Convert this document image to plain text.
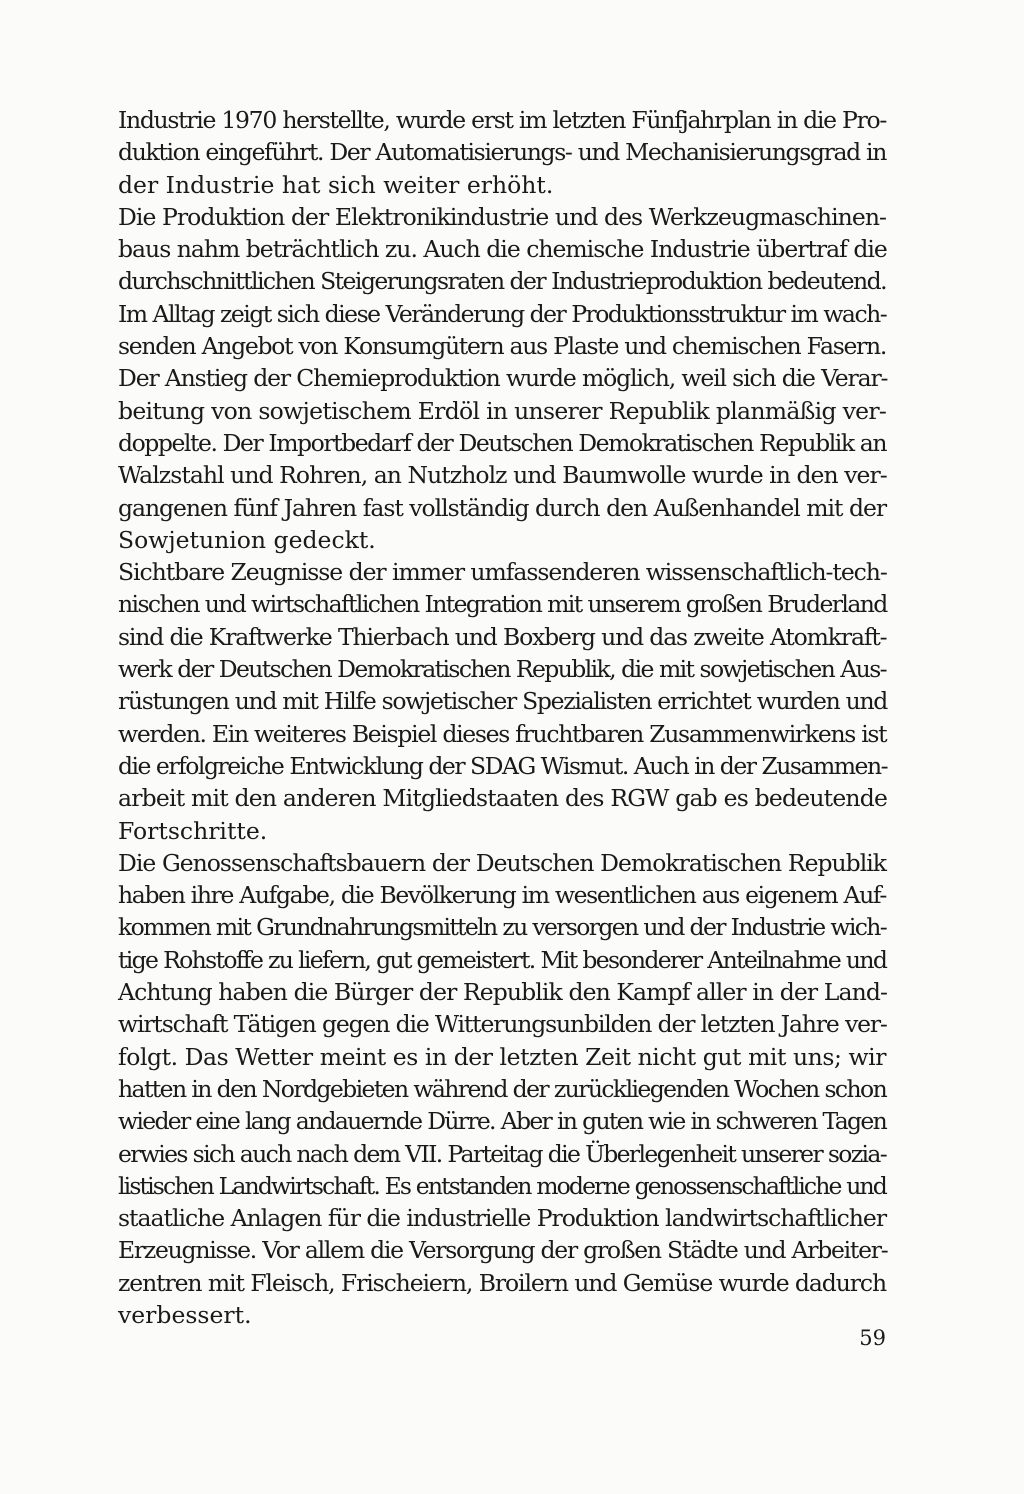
Industrie 1970 herstellte, wurde erst im letzten Fünfjahrplan in die Pro-
duktion eingeführt. Der Automatisierungs- und Mechanisierungsgrad in
der Industrie hat sich weiter erhöht.
Die Produktion der Elektronikindustrie und des Werkzeugmaschinen-
baus nahm beträchtlich zu. Auch die chemische Industrie übertraf die
durchschnittlichen Steigerungsraten der Industrieproduktion bedeutend.
Im Alltag zeigt sich diese Veränderung der Produktionsstruktur im wach-
senden Angebot von Konsumgütern aus Plaste und chemischen Fasern.
Der Anstieg der Chemieproduktion wurde möglich, weil sich die Verar-
beitung von sowjetischem Erdöl in unserer Republik planmäßig ver-
doppelte. Der Importbedarf der Deutschen Demokratischen Republik an
Walzstahl und Rohren, an Nutzholz und Baumwolle wurde in den ver-
gangenen fünf Jahren fast vollständig durch den Außenhandel mit der
Sowjetunion gedeckt.
Sichtbare Zeugnisse der immer umfassenderen wissenschaftlich-tech-
nischen und wirtschaftlichen Integration mit unserem großen Bruderland
sind die Kraftwerke Thierbach und Boxberg und das zweite Atomkraft-
werk der Deutschen Demokratischen Republik, die mit sowjetischen Aus-
rüstungen und mit Hilfe sowjetischer Spezialisten errichtet wurden und
werden. Ein weiteres Beispiel dieses fruchtbaren Zusammenwirkens ist
die erfolgreiche Entwicklung der SDAG Wismut. Auch in der Zusammen-
arbeit mit den anderen Mitgliedstaaten des RGW gab es bedeutende
Fortschritte.
Die Genossenschaftsbauern der Deutschen Demokratischen Republik
haben ihre Aufgabe, die Bevölkerung im wesentlichen aus eigenem Auf-
kommen mit Grundnahrungsmitteln zu versorgen und der Industrie wich-
tige Rohstoffe zu liefern, gut gemeistert. Mit besonderer Anteilnahme und
Achtung haben die Bürger der Republik den Kampf aller in der Land-
wirtschaft Tätigen gegen die Witterungsunbilden der letzten Jahre ver-
folgt. Das Wetter meint es in der letzten Zeit nicht gut mit uns; wir
hatten in den Nordgebieten während der zurückliegenden Wochen schon
wieder eine lang andauernde Dürre. Aber in guten wie in schweren Tagen
erwies sich auch nach dem VII. Parteitag die Überlegenheit unserer sozia-
listischen Landwirtschaft. Es entstanden moderne genossenschaftliche und
staatliche Anlagen für die industrielle Produktion landwirtschaftlicher
Erzeugnisse. Vor allem die Versorgung der großen Städte und Arbeiter-
zentren mit Fleisch, Frischeiern, Broilern und Gemüse wurde dadurch
verbessert.
59
